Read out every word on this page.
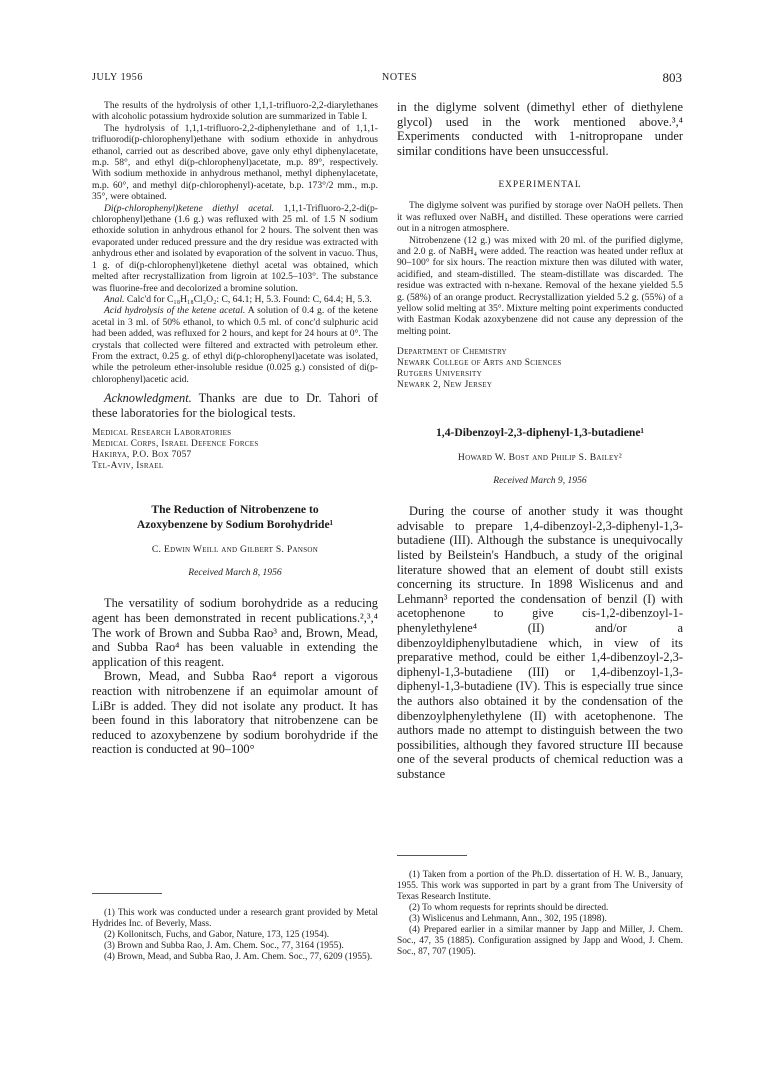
JULY 1956	NOTES	803

The results of the hydrolysis of other 1,1,1-trifluoro-2,2-diarylethanes with alcoholic potassium hydroxide solution are summarized in Table I.

The hydrolysis of 1,1,1-trifluoro-2,2-diphenylethane and of 1,1,1-trifluorodi(p-chlorophenyl)ethane with sodium ethoxide in anhydrous ethanol, carried out as described above, gave only ethyl diphenylacetate, m.p. 58°, and ethyl di(p-chlorophenyl)acetate, m.p. 89°, respectively. With sodium methoxide in anhydrous methanol, methyl diphenylacetate, m.p. 60°, and methyl di(p-chlorophenyl)-acetate, b.p. 173°/2 mm., m.p. 35°, were obtained.

Di(p-chlorophenyl)ketene diethyl acetal. 1,1,1-Trifluoro-2,2-di(p-chlorophenyl)ethane (1.6 g.) was refluxed with 25 ml. of 1.5 N sodium ethoxide solution in anhydrous ethanol for 2 hours. The solvent then was evaporated under reduced pressure and the dry residue was extracted with anhydrous ether and isolated by evaporation of the solvent in vacuo. Thus, 1 g. of di(p-chlorophenyl)ketene diethyl acetal was obtained, which melted after recrystallization from ligroin at 102.5–103°. The substance was fluorine-free and decolorized a bromine solution.

Anal. Calc'd for C₁₈H₁₈Cl₂O₂: C, 64.1; H, 5.3. Found: C, 64.4; H, 5.3.

Acid hydrolysis of the ketene acetal. A solution of 0.4 g. of the ketene acetal in 3 ml. of 50% ethanol, to which 0.5 ml. of conc'd sulphuric acid had been added, was refluxed for 2 hours, and kept for 24 hours at 0°. The crystals that collected were filtered and extracted with petroleum ether. From the extract, 0.25 g. of ethyl di(p-chlorophenyl)acetate was isolated, while the petroleum ether-insoluble residue (0.025 g.) consisted of di(p-chlorophenyl)acetic acid.

Acknowledgment. Thanks are due to Dr. Tahori of these laboratories for the biological tests.

Medical Research Laboratories
Medical Corps, Israel Defence Forces
Hakirya, P.O. Box 7057
Tel-Aviv, Israel

The Reduction of Nitrobenzene to Azoxybenzene by Sodium Borohydride¹

C. Edwin Weill and Gilbert S. Panson

Received March 8, 1956

The versatility of sodium borohydride as a reducing agent has been demonstrated in recent publications.²,³,⁴ The work of Brown and Subba Rao³ and, Brown, Mead, and Subba Rao⁴ has been valuable in extending the application of this reagent.

Brown, Mead, and Subba Rao⁴ report a vigorous reaction with nitrobenzene if an equimolar amount of LiBr is added. They did not isolate any product. It has been found in this laboratory that nitrobenzene can be reduced to azoxybenzene by sodium borohydride if the reaction is conducted at 90–100°

in the diglyme solvent (dimethyl ether of diethylene glycol) used in the work mentioned above.³,⁴ Experiments conducted with 1-nitropropane under similar conditions have been unsuccessful.

EXPERIMENTAL

The diglyme solvent was purified by storage over NaOH pellets. Then it was refluxed over NaBH₄ and distilled. These operations were carried out in a nitrogen atmosphere.

Nitrobenzene (12 g.) was mixed with 20 ml. of the purified diglyme, and 2.0 g. of NaBH₄ were added. The reaction was heated under reflux at 90–100° for six hours. The reaction mixture then was diluted with water, acidified, and steam-distilled. The steam-distillate was discarded. The residue was extracted with n-hexane. Removal of the hexane yielded 5.5 g. (58%) of an orange product. Recrystallization yielded 5.2 g. (55%) of a yellow solid melting at 35°. Mixture melting point experiments conducted with Eastman Kodak azoxybenzene did not cause any depression of the melting point.

Department of Chemistry
Newark College of Arts and Sciences
Rutgers University
Newark 2, New Jersey

1,4-Dibenzoyl-2,3-diphenyl-1,3-butadiene¹

Howard W. Bost and Philip S. Bailey²

Received March 9, 1956

During the course of another study it was thought advisable to prepare 1,4-dibenzoyl-2,3-diphenyl-1,3-butadiene (III). Although the substance is unequivocally listed by Beilstein's Handbuch, a study of the original literature showed that an element of doubt still exists concerning its structure. In 1898 Wislicenus and and Lehmann³ reported the condensation of benzil (I) with acetophenone to give cis-1,2-dibenzoyl-1-phenylethylene⁴ (II) and/or a dibenzoyldiphenylbutadiene which, in view of its preparative method, could be either 1,4-dibenzoyl-2,3-diphenyl-1,3-butadiene (III) or 1,4-dibenzoyl-1,3-diphenyl-1,3-butadiene (IV). This is especially true since the authors also obtained it by the condensation of the dibenzoylphenylethylene (II) with acetophenone. The authors made no attempt to distinguish between the two possibilities, although they favored structure III because one of the several products of chemical reduction was a substance

(1) This work was conducted under a research grant provided by Metal Hydrides Inc. of Beverly, Mass.

(2) Kollonitsch, Fuchs, and Gabor, Nature, 173, 125 (1954).

(3) Brown and Subba Rao, J. Am. Chem. Soc., 77, 3164 (1955).

(4) Brown, Mead, and Subba Rao, J. Am. Chem. Soc., 77, 6209 (1955).

(1) Taken from a portion of the Ph.D. dissertation of H. W. B., January, 1955. This work was supported in part by a grant from The University of Texas Research Institute.

(2) To whom requests for reprints should be directed.

(3) Wislicenus and Lehmann, Ann., 302, 195 (1898).

(4) Prepared earlier in a similar manner by Japp and Miller, J. Chem. Soc., 47, 35 (1885). Configuration assigned by Japp and Wood, J. Chem. Soc., 87, 707 (1905).
